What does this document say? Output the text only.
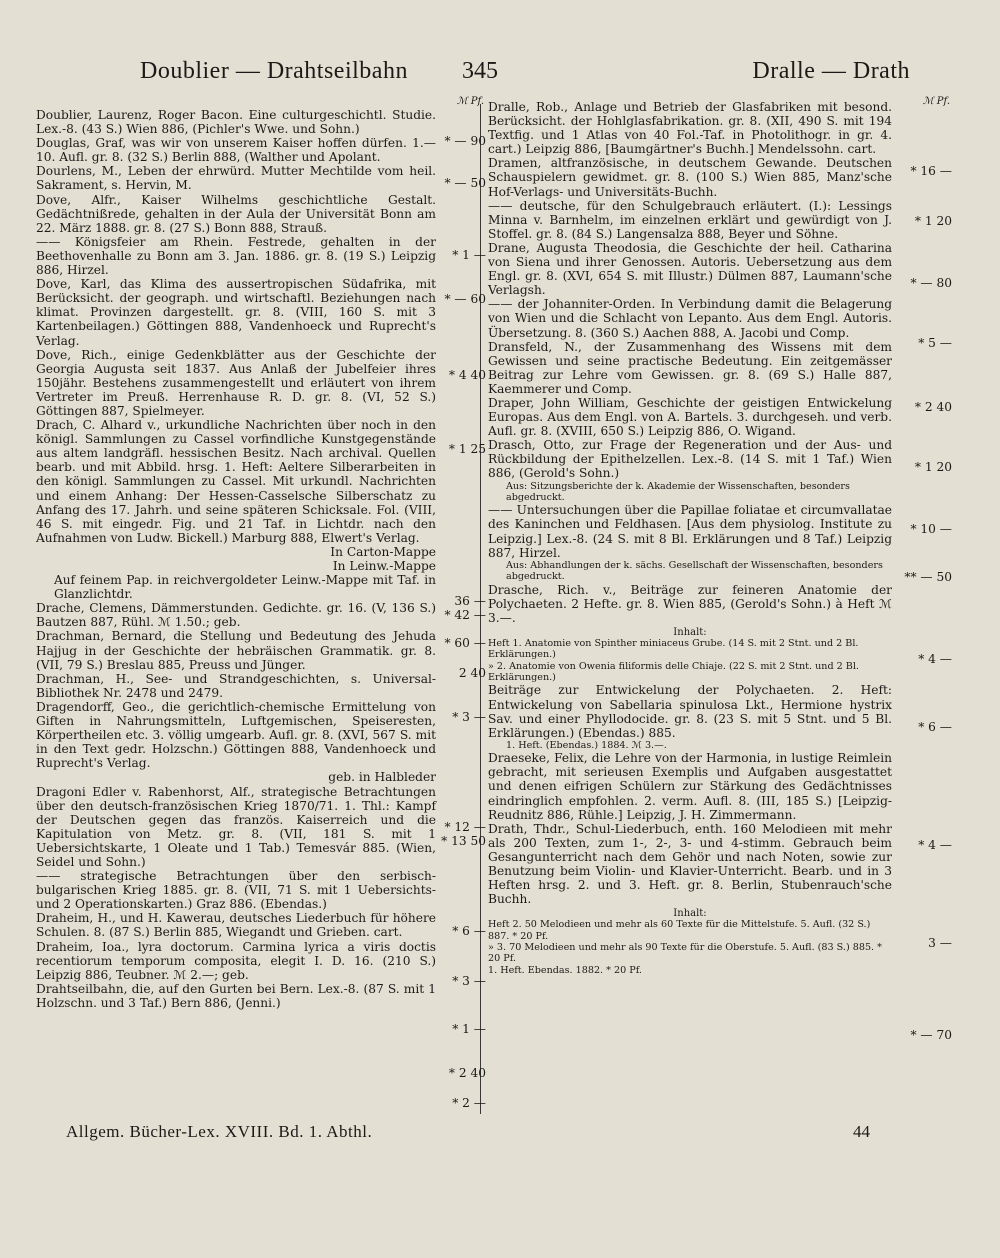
Doublier — Drahtseilbahn 345	Dralle — Drath

Doublier, Laurenz, Roger Bacon. Eine culturgeschichtl. Studie. Lex.-8. (43 S.) Wien 886, (Pichler's Wwe. und Sohn.)

Douglas, Graf, was wir von unserem Kaiser hoffen dürfen. 1.—10. Aufl. gr. 8. (32 S.) Berlin 888, (Walther und Apolant.

Dourlens, M., Leben der ehrwürd. Mutter Mechtilde vom heil. Sakrament, s. Hervin, M.

Dove, Alfr., Kaiser Wilhelms geschichtliche Gestalt. Gedächtnißrede, gehalten in der Aula der Universität Bonn am 22. März 1888. gr. 8. (27 S.) Bonn 888, Strauß.

—— Königsfeier am Rhein. Festrede, gehalten in der Beethovenhalle zu Bonn am 3. Jan. 1886. gr. 8. (19 S.) Leipzig 886, Hirzel.

Dove, Karl, das Klima des aussertropischen Südafrika, mit Berücksicht. der geograph. und wirtschaftl. Beziehungen nach klimat. Provinzen dargestellt. gr. 8. (VIII, 160 S. mit 3 Kartenbeilagen.) Göttingen 888, Vandenhoeck und Ruprecht's Verlag.

Dove, Rich., einige Gedenkblätter aus der Geschichte der Georgia Augusta seit 1837. Aus Anlaß der Jubelfeier ihres 150jähr. Bestehens zusammengestellt und erläutert von ihrem Vertreter im Preuß. Herrenhause R. D. gr. 8. (VI, 52 S.) Göttingen 887, Spielmeyer.

Drach, C. Alhard v., urkundliche Nachrichten über noch in den königl. Sammlungen zu Cassel vorfindliche Kunstgegenstände aus altem landgräfl. hessischen Besitz. Nach archival. Quellen bearb. und mit Abbild. hrsg. 1. Heft: Aeltere Silberarbeiten in den königl. Sammlungen zu Cassel. Mit urkundl. Nachrichten und einem Anhang: Der Hessen-Casselsche Silberschatz zu Anfang des 17. Jahrh. und seine späteren Schicksale. Fol. (VIII, 46 S. mit eingedr. Fig. und 21 Taf. in Lichtdr. nach den Aufnahmen von Ludw. Bickell.) Marburg 888, Elwert's Verlag.

In Carton-Mappe

In Leinw.-Mappe

Auf feinem Pap. in reichvergoldeter Leinw.-Mappe mit Taf. in Glanzlichtdr.

Drache, Clemens, Dämmerstunden. Gedichte. gr. 16. (V, 136 S.) Bautzen 887, Rühl. ℳ 1.50.; geb.

Drachman, Bernard, die Stellung und Bedeutung des Jehuda Hajjug in der Geschichte der hebräischen Grammatik. gr. 8. (VII, 79 S.) Breslau 885, Preuss und Jünger.

Drachman, H., See- und Strandgeschichten, s. Universal-Bibliothek Nr. 2478 und 2479.

Dragendorff, Geo., die gerichtlich-chemische Ermittelung von Giften in Nahrungsmitteln, Luftgemischen, Speiseresten, Körpertheilen etc. 3. völlig umgearb. Aufl. gr. 8. (XVI, 567 S. mit in den Text gedr. Holzschn.) Göttingen 888, Vandenhoeck und Ruprecht's Verlag.

geb. in Halbleder

Dragoni Edler v. Rabenhorst, Alf., strategische Betrachtungen über den deutsch-französischen Krieg 1870/71. 1. Thl.: Kampf der Deutschen gegen das französ. Kaiserreich und die Kapitulation von Metz. gr. 8. (VII, 181 S. mit 1 Uebersichtskarte, 1 Oleate und 1 Tab.) Temesvár 885. (Wien, Seidel und Sohn.)

—— strategische Betrachtungen über den serbisch-bulgarischen Krieg 1885. gr. 8. (VII, 71 S. mit 1 Uebersichts- und 2 Operationskarten.) Graz 886. (Ebendas.)

Draheim, H., und H. Kawerau, deutsches Liederbuch für höhere Schulen. 8. (87 S.) Berlin 885, Wiegandt und Grieben. cart.

Draheim, Ioa., lyra doctorum. Carmina lyrica a viris doctis recentiorum temporum composita, elegit I. D. 16. (210 S.) Leipzig 886, Teubner. ℳ 2.—; geb.

Drahtseilbahn, die, auf den Gurten bei Bern. Lex.-8. (87 S. mit 1 Holzschn. und 3 Taf.) Bern 886, (Jenni.)

ℳ Pf.
* — 90
* — 50
* 1 —
* — 60
* 4 40
* 1 25
36 —
* 42 —
* 60 —
2 40
* 3 —
* 12 —
* 13 50
* 6 —
* 3 —
* 1 —
* 2 40
* 2 —

Dralle, Rob., Anlage und Betrieb der Glasfabriken mit besond. Berücksicht. der Hohlglasfabrikation. gr. 8. (XII, 490 S. mit 194 Textfig. und 1 Atlas von 40 Fol.-Taf. in Photolithogr. in gr. 4. cart.) Leipzig 886, [Baumgärtner's Buchh.] Mendelssohn. cart.

Dramen, altfranzösische, in deutschem Gewande. Deutschen Schauspielern gewidmet. gr. 8. (100 S.) Wien 885, Manz'sche Hof-Verlags- und Universitäts-Buchh.

—— deutsche, für den Schulgebrauch erläutert. (I.): Lessings Minna v. Barnhelm, im einzelnen erklärt und gewürdigt von J. Stoffel. gr. 8. (84 S.) Langensalza 888, Beyer und Söhne.

Drane, Augusta Theodosia, die Geschichte der heil. Catharina von Siena und ihrer Genossen. Autoris. Uebersetzung aus dem Engl. gr. 8. (XVI, 654 S. mit Illustr.) Dülmen 887, Laumann'sche Verlagsh.

—— der Johanniter-Orden. In Verbindung damit die Belagerung von Wien und die Schlacht von Lepanto. Aus dem Engl. Autoris. Übersetzung. 8. (360 S.) Aachen 888, A. Jacobi und Comp.

Dransfeld, N., der Zusammenhang des Wissens mit dem Gewissen und seine practische Bedeutung. Ein zeitgemässer Beitrag zur Lehre vom Gewissen. gr. 8. (69 S.) Halle 887, Kaemmerer und Comp.

Draper, John William, Geschichte der geistigen Entwickelung Europas. Aus dem Engl. von A. Bartels. 3. durchgeseh. und verb. Aufl. gr. 8. (XVIII, 650 S.) Leipzig 886, O. Wigand.

Drasch, Otto, zur Frage der Regeneration und der Aus- und Rückbildung der Epithelzellen. Lex.-8. (14 S. mit 1 Taf.) Wien 886, (Gerold's Sohn.)

Aus: Sitzungsberichte der k. Akademie der Wissenschaften, besonders abgedruckt.

—— Untersuchungen über die Papillae foliatae et circumvallatae des Kaninchen und Feldhasen. [Aus dem physiolog. Institute zu Leipzig.] Lex.-8. (24 S. mit 8 Bl. Erklärungen und 8 Taf.) Leipzig 887, Hirzel.

Aus: Abhandlungen der k. sächs. Gesellschaft der Wissenschaften, besonders abgedruckt.

Drasche, Rich. v., Beiträge zur feineren Anatomie der Polychaeten. 2 Hefte. gr. 8. Wien 885, (Gerold's Sohn.) à Heft ℳ 3.—.

Inhalt:

Heft 1. Anatomie von Spinther miniaceus Grube. (14 S. mit 2 Stnt. und 2 Bl. Erklärungen.)

» 2. Anatomie von Owenia filiformis delle Chiaje. (22 S. mit 2 Stnt. und 2 Bl. Erklärungen.)

Beiträge zur Entwickelung der Polychaeten. 2. Heft: Entwickelung von Sabellaria spinulosa Lkt., Hermione hystrix Sav. und einer Phyllodocide. gr. 8. (23 S. mit 5 Stnt. und 5 Bl. Erklärungen.) (Ebendas.) 885.

1. Heft. (Ebendas.) 1884. ℳ 3.—.

Draeseke, Felix, die Lehre von der Harmonia, in lustige Reimlein gebracht, mit serieusen Exemplis und Aufgaben ausgestattet und denen eifrigen Schülern zur Stärkung des Gedächtnisses eindringlich empfohlen. 2. verm. Aufl. 8. (III, 185 S.) [Leipzig-Reudnitz 886, Rühle.] Leipzig, J. H. Zimmermann.

Drath, Thdr., Schul-Liederbuch, enth. 160 Melodieen mit mehr als 200 Texten, zum 1-, 2-, 3- und 4-stimm. Gebrauch beim Gesangunterricht nach dem Gehör und nach Noten, sowie zur Benutzung beim Violin- und Klavier-Unterricht. Bearb. und in 3 Heften hrsg. 2. und 3. Heft. gr. 8. Berlin, Stubenrauch'sche Buchh.

Inhalt:

Heft 2. 50 Melodieen und mehr als 60 Texte für die Mittelstufe. 5. Aufl. (32 S.) 887. * 20 Pf.

» 3. 70 Melodieen und mehr als 90 Texte für die Oberstufe. 5. Aufl. (83 S.) 885. * 20 Pf.

1. Heft. Ebendas. 1882. * 20 Pf.

ℳ Pf.
* 16 —
* 1 20
* — 80
* 5 —
* 2 40
* 1 20
* 10 —
** — 50
* 4 —
* 6 —
* 4 —
3 —
* — 70
Allgem. Bücher-Lex. XVIII. Bd. 1. Abthl.	44
